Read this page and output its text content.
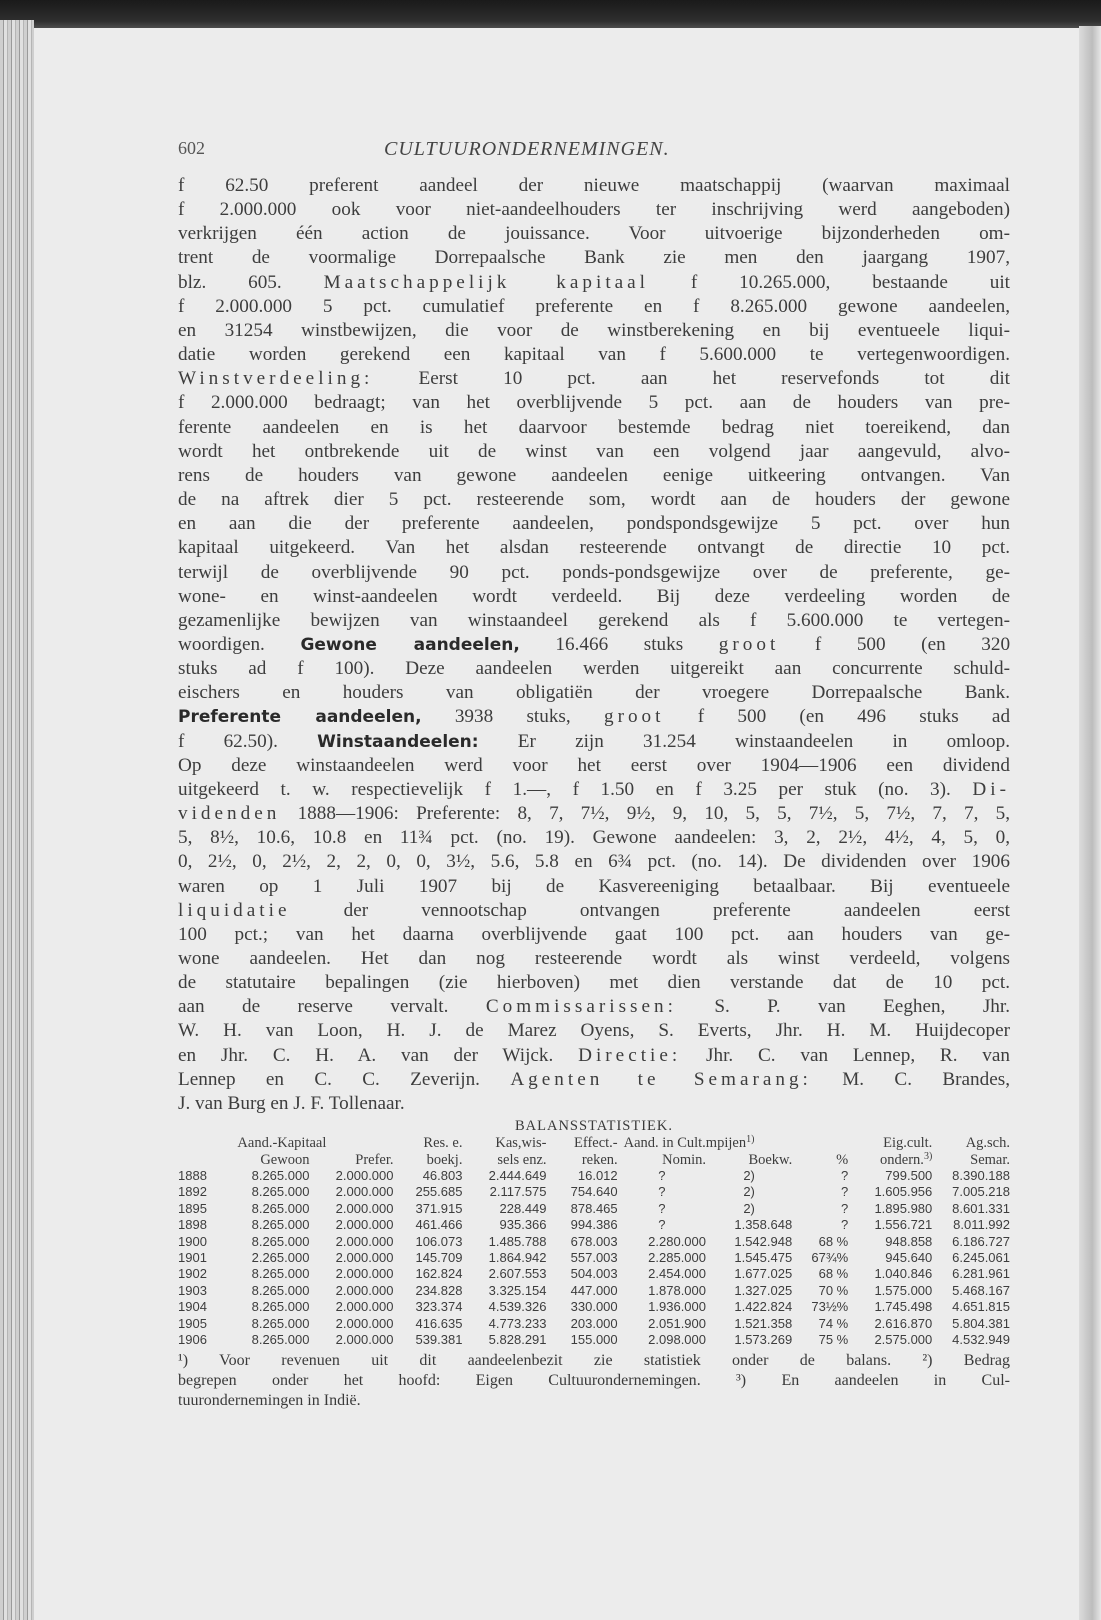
602	CULTUURONDERNEMINGEN.
f 62.50 preferent aandeel der nieuwe maatschappij (waarvan maximaal
f 2.000.000 ook voor niet-aandeelhouders ter inschrijving werd aangeboden)
verkrijgen één action de jouissance. Voor uitvoerige bijzonderheden om-
trent de voormalige Dorrepaalsche Bank zie men den jaargang 1907,
blz. 605. Maatschappelijk kapitaal f 10.265.000, bestaande uit
f 2.000.000 5 pct. cumulatief preferente en f 8.265.000 gewone aandeelen,
en 31254 winstbewijzen, die voor de winstberekening en bij eventueele liqui-
datie worden gerekend een kapitaal van f 5.600.000 te vertegenwoordigen.
Winstverdeeling: Eerst 10 pct. aan het reservefonds tot dit
f 2.000.000 bedraagt; van het overblijvende 5 pct. aan de houders van pre-
ferente aandeelen en is het daarvoor bestemde bedrag niet toereikend, dan
wordt het ontbrekende uit de winst van een volgend jaar aangevuld, alvo-
rens de houders van gewone aandeelen eenige uitkeering ontvangen. Van
de na aftrek dier 5 pct. resteerende som, wordt aan de houders der gewone
en aan die der preferente aandeelen, pondspondsgewijze 5 pct. over hun
kapitaal uitgekeerd. Van het alsdan resteerende ontvangt de directie 10 pct.
terwijl de overblijvende 90 pct. ponds-pondsgewijze over de preferente, ge-
wone- en winst-aandeelen wordt verdeeld. Bij deze verdeeling worden de
gezamenlijke bewijzen van winstaandeel gerekend als f 5.600.000 te vertegen-
woordigen. Gewone aandeelen, 16.466 stuks groot f 500 (en 320
stuks ad f 100). Deze aandeelen werden uitgereikt aan concurrente schuld-
eischers en houders van obligatiën der vroegere Dorrepaalsche Bank.
Preferente aandeelen, 3938 stuks, groot f 500 (en 496 stuks ad
f 62.50). Winstaandeelen: Er zijn 31.254 winstaandeelen in omloop.
Op deze winstaandeelen werd voor het eerst over 1904—1906 een dividend
uitgekeerd t. w. respectievelijk f 1.—, f 1.50 en f 3.25 per stuk (no. 3). Di-
videnden 1888—1906: Preferente: 8, 7, 7½, 9½, 9, 10, 5, 5, 7½, 5, 7½, 7, 7, 5,
5, 8½, 10.6, 10.8 en 11¾ pct. (no. 19). Gewone aandeelen: 3, 2, 2½, 4½, 4, 5, 0,
0, 2½, 0, 2½, 2, 2, 0, 0, 3½, 5.6, 5.8 en 6¾ pct. (no. 14). De dividenden over 1906
waren op 1 Juli 1907 bij de Kasvereeniging betaalbaar. Bij eventueele
liquidatie	der vennootschap ontvangen preferente aandeelen eerst
100 pct.; van het daarna overblijvende gaat 100 pct. aan houders van ge-
wone aandeelen. Het dan nog resteerende wordt als winst verdeeld, volgens
de statutaire bepalingen (zie hierboven) met dien verstande dat de 10 pct.
aan de reserve vervalt. Commissarissen: S. P. van Eeghen, Jhr.
W. H. van Loon, H. J. de Marez Oyens, S. Everts, Jhr. H. M. Huijdecoper
en Jhr. C. H. A. van der Wijck. Directie: Jhr. C. van Lennep, R. van
Lennep en C. C. Zeverijn. Agenten te Semarang: M. C. Brandes,
J. van Burg en J. F. Tollenaar.
BALANSSTATISTIEK.
	Aand.-Kapitaal		Res. e.	Kas,wis-	Effect.-	Aand. in Cult.mpijen$^{1)}$			Eig.cult.	Ag.sch.
	Gewoon	Prefer.	boekj.	sels enz.	reken.	Nomin.	Boekw.	%	ondern.$^{3)}$	Semar.
1888	8.265.000	2.000.000	46.803	2.444.649	16.012	?	2)	?	799.500	8.390.188
1892	8.265.000	2.000.000	255.685	2.117.575	754.640	?	2)	?	1.605.956	7.005.218
1895	8.265.000	2.000.000	371.915	228.449	878.465	?	2)	?	1.895.980	8.601.331
1898	8.265.000	2.000.000	461.466	935.366	994.386	?	1.358.648	?	1.556.721	8.011.992
1900	8.265.000	2.000.000	106.073	1.485.788	678.003	2.280.000	1.542.948	68 %	948.858	6.186.727
1901	2.265.000	2.000.000	145.709	1.864.942	557.003	2.285.000	1.545.475	67¾%	945.640	6.245.061
1902	8.265.000	2.000.000	162.824	2.607.553	504.003	2.454.000	1.677.025	68 %	1.040.846	6.281.961
1903	8.265.000	2.000.000	234.828	3.325.154	447.000	1.878.000	1.327.025	70 %	1.575.000	5.468.167
1904	8.265.000	2.000.000	323.374	4.539.326	330.000	1.936.000	1.422.824	73½%	1.745.498	4.651.815
1905	8.265.000	2.000.000	416.635	4.773.233	203.000	2.051.900	1.521.358	74 %	2.616.870	5.804.381
1906	8.265.000	2.000.000	539.381	5.828.291	155.000	2.098.000	1.573.269	75 %	2.575.000	4.532.949
¹) Voor revenuen uit dit aandeelenbezit zie statistiek onder de balans. ²) Bedrag
begrepen onder het hoofd: Eigen Cultuurondernemingen. ³) En aandeelen in Cul-
tuurondernemingen in Indië.
